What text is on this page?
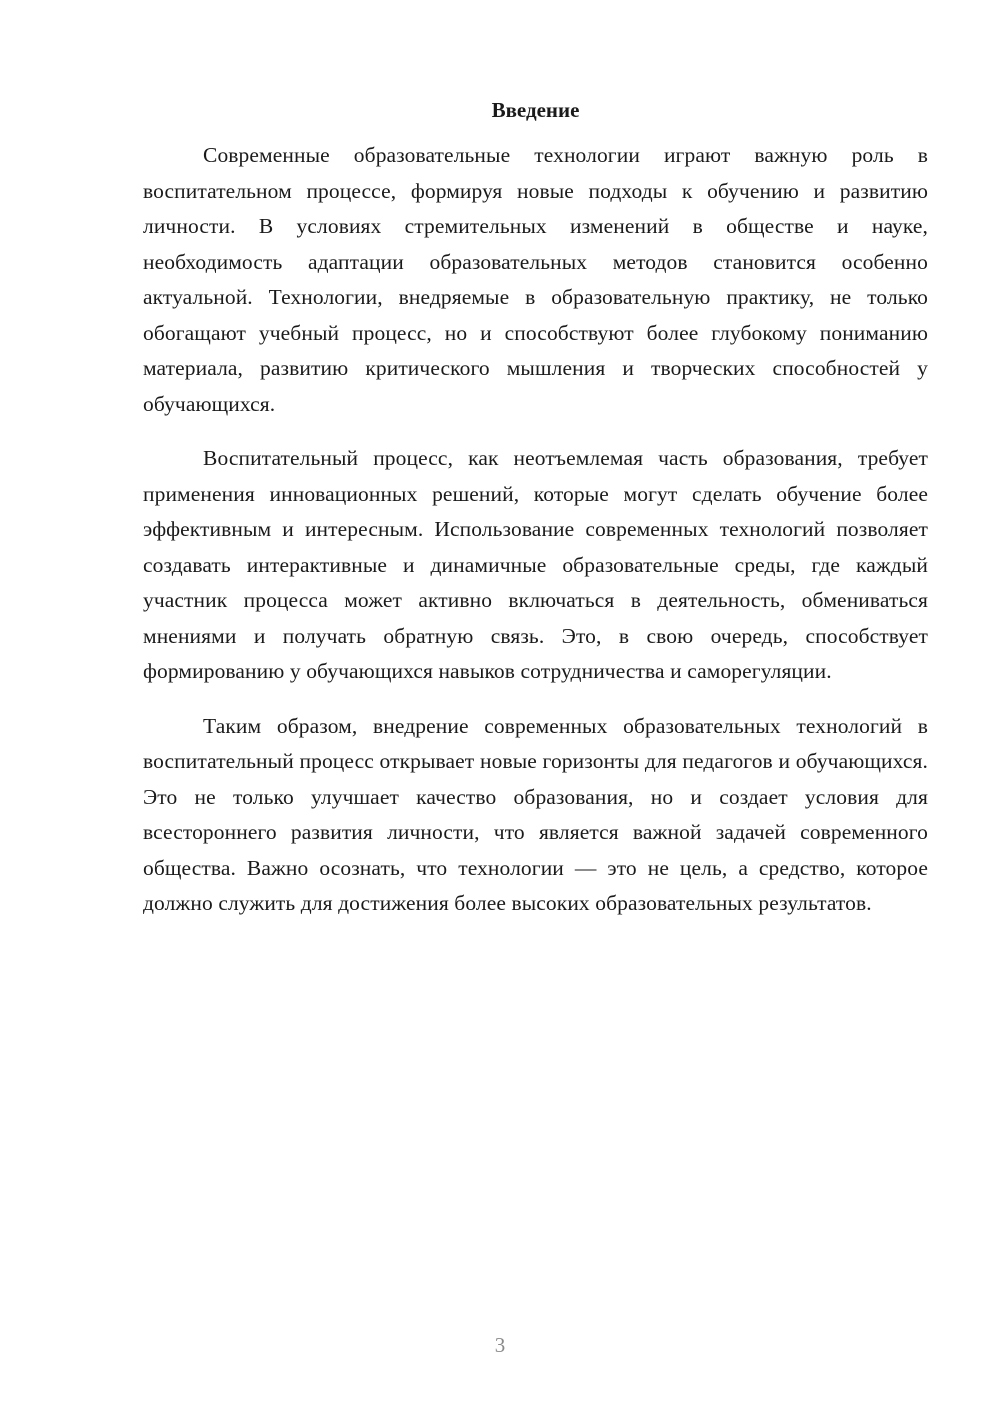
Введение

Современные образовательные технологии играют важную роль в воспитательном процессе, формируя новые подходы к обучению и развитию личности. В условиях стремительных изменений в обществе и науке, необходимость адаптации образовательных методов становится особенно актуальной. Технологии, внедряемые в образовательную практику, не только обогащают учебный процесс, но и способствуют более глубокому пониманию материала, развитию критического мышления и творческих способностей у обучающихся.

Воспитательный процесс, как неотъемлемая часть образования, требует применения инновационных решений, которые могут сделать обучение более эффективным и интересным. Использование современных технологий позволяет создавать интерактивные и динамичные образовательные среды, где каждый участник процесса может активно включаться в деятельность, обмениваться мнениями и получать обратную связь. Это, в свою очередь, способствует формированию у обучающихся навыков сотрудничества и саморегуляции.

Таким образом, внедрение современных образовательных технологий в воспитательный процесс открывает новые горизонты для педагогов и обучающихся. Это не только улучшает качество образования, но и создает условия для всестороннего развития личности, что является важной задачей современного общества. Важно осознать, что технологии — это не цель, а средство, которое должно служить для достижения более высоких образовательных результатов.

3
